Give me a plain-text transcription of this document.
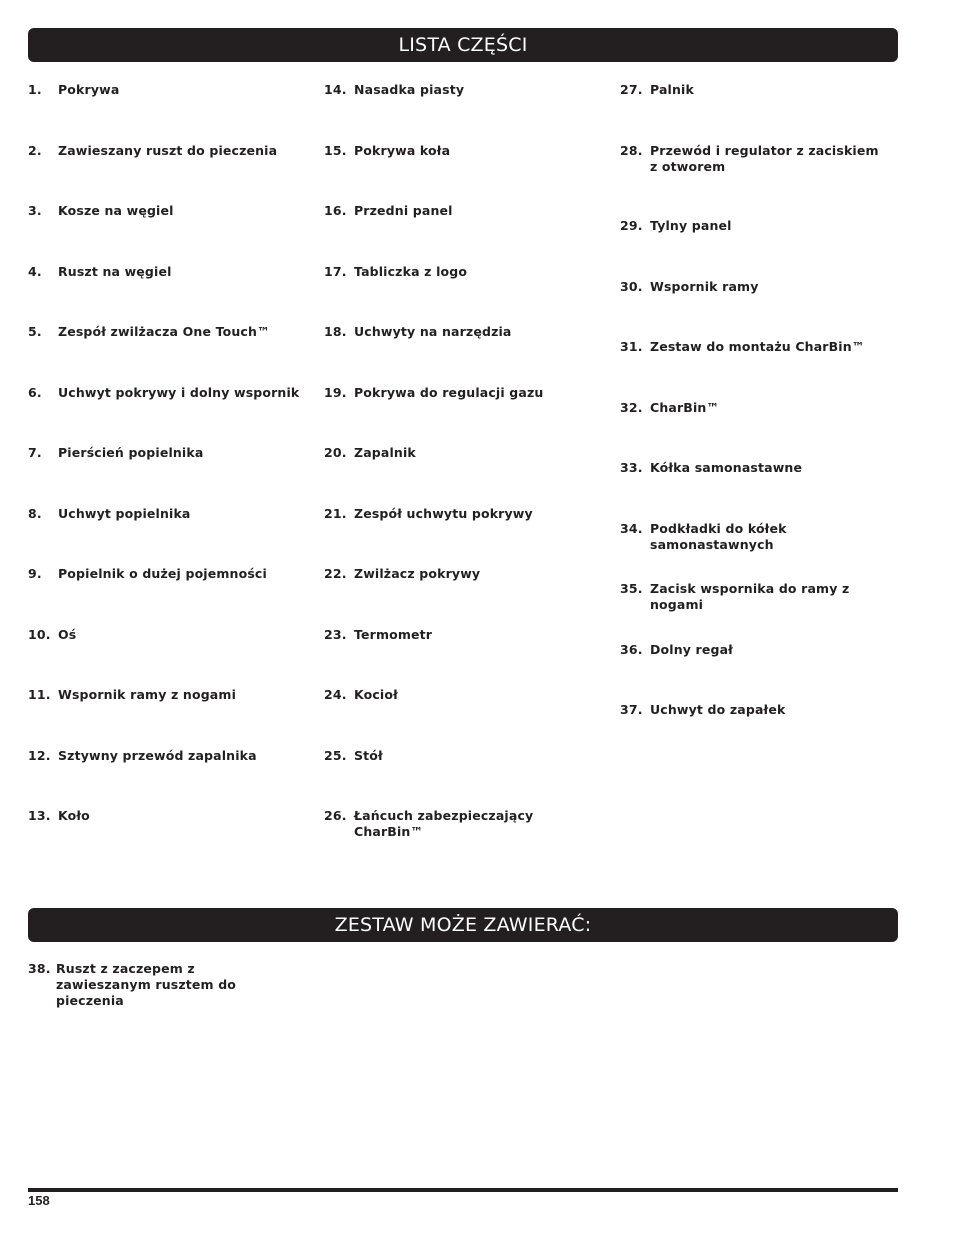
LISTA CZĘŚCI
1.	Pokrywa
2.	Zawieszany ruszt do pieczenia
3.	Kosze na węgiel
4.	Ruszt na węgiel
5.	Zespół zwilżacza One Touch™
6.	Uchwyt pokrywy i dolny wspornik
7.	Pierścień popielnika
8.	Uchwyt popielnika
9.	Popielnik o dużej pojemności
10. Oś
11. Wspornik ramy z nogami
12. Sztywny przewód zapalnika
13. Koło
14. Nasadka piasty
15. Pokrywa koła
16. Przedni panel
17. Tabliczka z logo
18. Uchwyty na narzędzia
19. Pokrywa do regulacji gazu
20. Zapalnik
21. Zespół uchwytu pokrywy
22. Zwilżacz pokrywy
23. Termometr
24. Kocioł
25. Stół
26. Łańcuch zabezpieczający CharBin™
27. Palnik
28. Przewód i regulator z zaciskiem z otworem
29. Tylny panel
30. Wspornik ramy
31. Zestaw do montażu CharBin™
32. CharBin™
33. Kółka samonastawne
34. Podkładki do kółek samonastawnych
35. Zacisk wspornika do ramy z nogami
36. Dolny regał
37. Uchwyt do zapałek
ZESTAW MOŻE ZAWIERAĆ:
38. Ruszt z zaczepem z zawieszanym rusztem do pieczenia
158
